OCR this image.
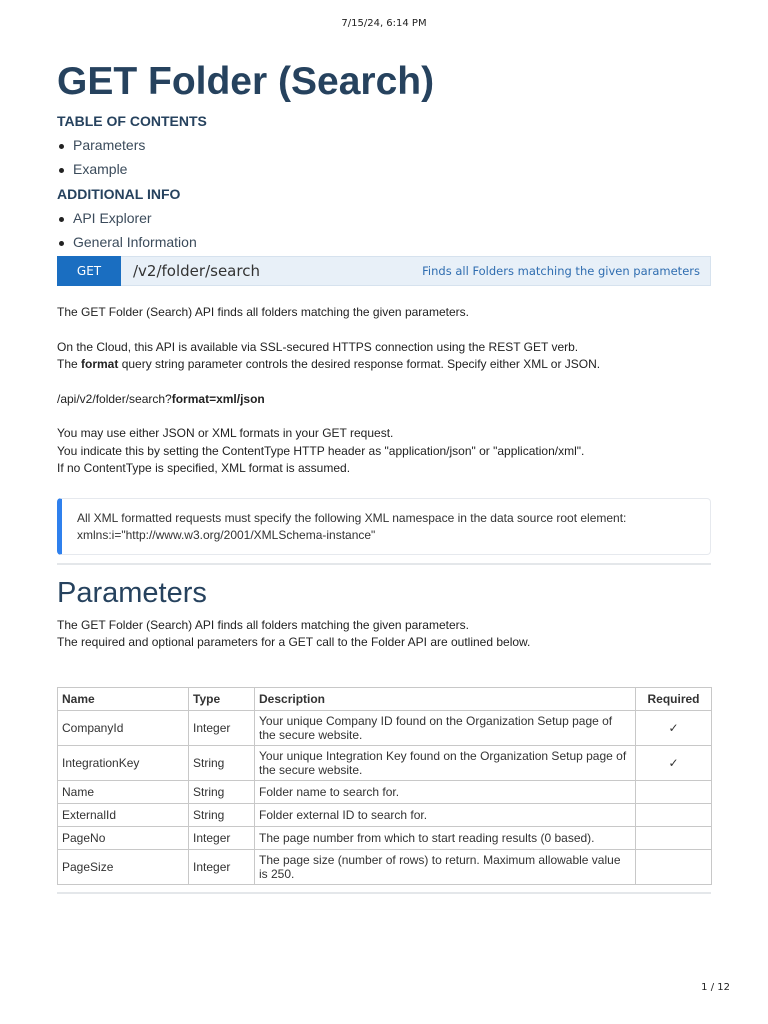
7/15/24, 6:14 PM
GET Folder (Search)
TABLE OF CONTENTS
Parameters
Example
ADDITIONAL INFO
API Explorer
General Information
GET	/v2/folder/search	Finds all Folders matching the given parameters

The GET Folder (Search) API finds all folders matching the given parameters.

On the Cloud, this API is available via SSL-secured HTTPS connection using the REST GET verb.
The format query string parameter controls the desired response format. Specify either XML or JSON.

/api/v2/folder/search?format=xml/json

You may use either JSON or XML formats in your GET request.
You indicate this by setting the ContentType HTTP header as "application/json" or "application/xml".
If no ContentType is specified, XML format is assumed.

All XML formatted requests must specify the following XML namespace in the data source root element:
xmlns:i="http://www.w3.org/2001/XMLSchema-instance"
Parameters

The GET Folder (Search) API finds all folders matching the given parameters.
The required and optional parameters for a GET call to the Folder API are outlined below.

Name	Type	Description	Required
CompanyId	Integer	Your unique Company ID found on the Organization Setup page of the secure website.	✓
IntegrationKey	String	Your unique Integration Key found on the Organization Setup page of the secure website.	✓
Name	String	Folder name to search for.	
ExternalId	String	Folder external ID to search for.	
PageNo	Integer	The page number from which to start reading results (0 based).	
PageSize	Integer	The page size (number of rows) to return. Maximum allowable value is 250.	
1 / 12
